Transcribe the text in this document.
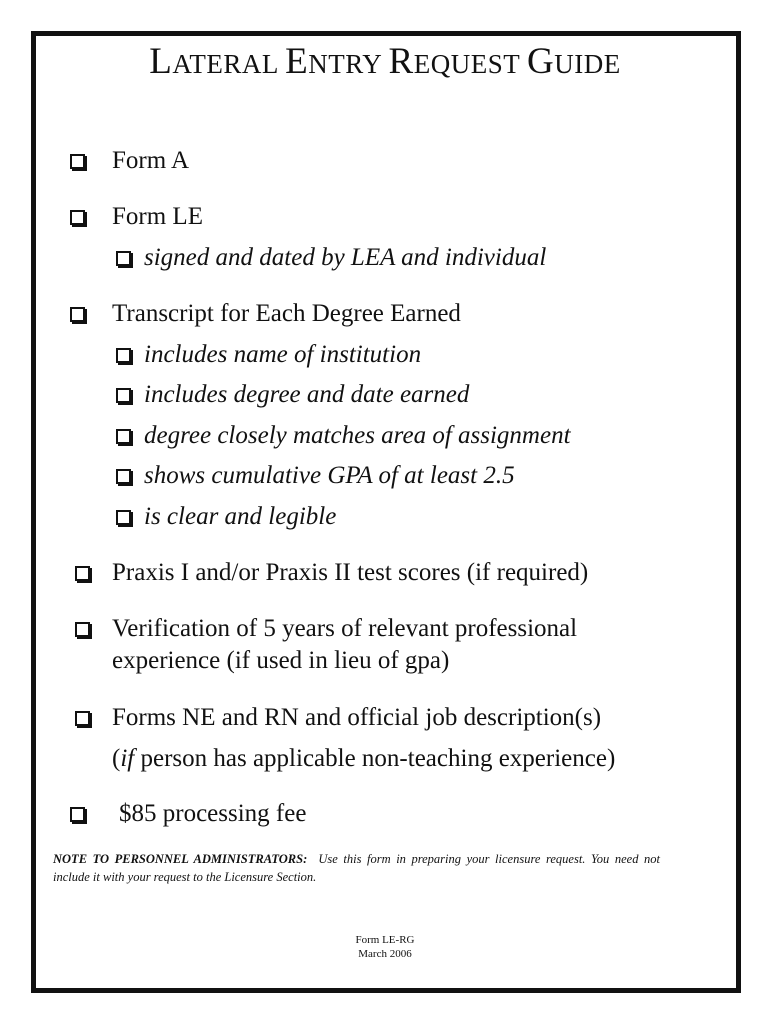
LATERAL ENTRY REQUEST GUIDE
Form A
Form LE
signed and dated by LEA and individual
Transcript for Each Degree Earned
includes name of institution
includes degree and date earned
degree closely matches area of assignment
shows cumulative GPA of at least 2.5
is clear and legible
Praxis I and/or Praxis II test scores (if required)
Verification of 5 years of relevant professional
experience (if used in lieu of gpa)
Forms NE and RN and official job description(s)
(if person has applicable non-teaching experience)
$85 processing fee
NOTE TO PERSONNEL ADMINISTRATORS: Use this form in preparing your licensure request. You need not include it with your request to the Licensure Section.
Form LE-RG
March 2006
